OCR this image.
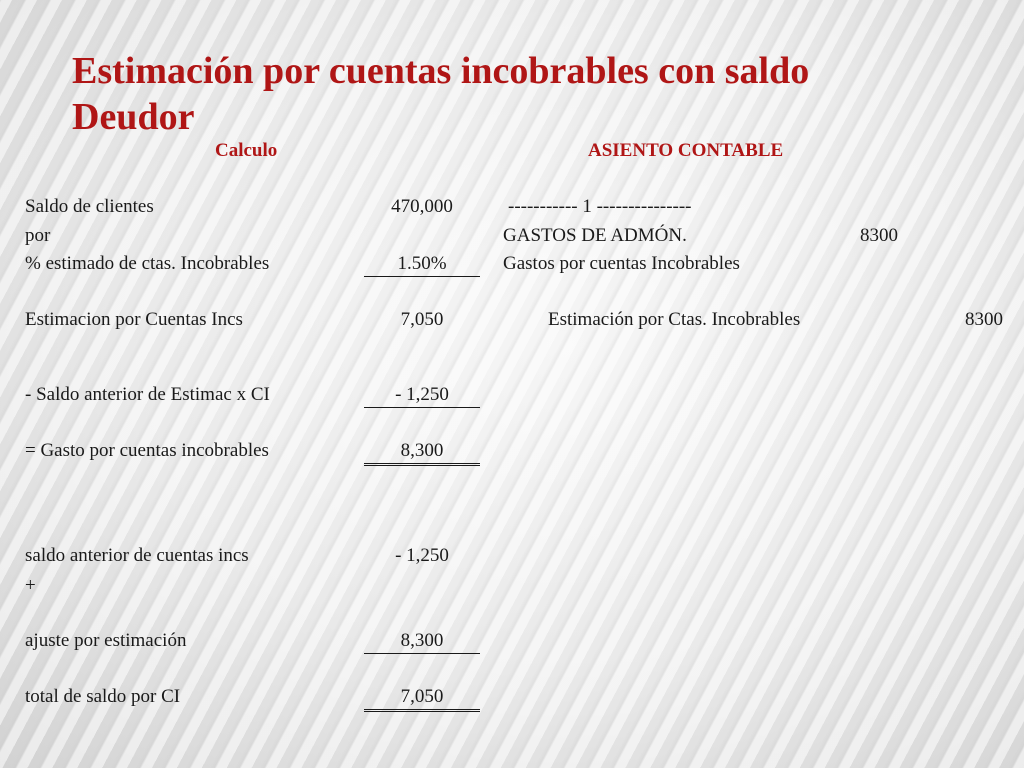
Estimación por cuentas incobrables con saldo Deudor
Calculo	ASIENTO CONTABLE
Saldo de clientes	470,000
por
% estimado de ctas. Incobrables	1.50%
Estimacion por Cuentas Incs	7,050
- Saldo anterior de Estimac x CI	- 1,250
= Gasto por cuentas incobrables	8,300
saldo anterior de cuentas incs	- 1,250
+
ajuste por estimación	8,300
total de saldo por CI	7,050
----------- 1 ---------------
GASTOS DE ADMÓN.	8300
Gastos por cuentas Incobrables
Estimación por Ctas. Incobrables	8300
